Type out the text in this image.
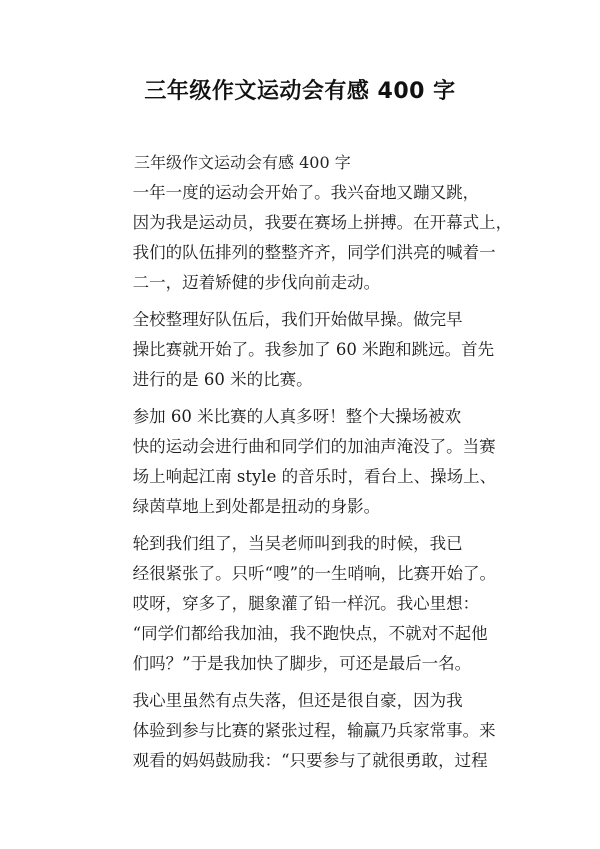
三年级作文运动会有感 400 字
三年级作文运动会有感 400 字

一年一度的运动会开始了。我兴奋地又蹦又跳，
因为我是运动员，我要在赛场上拼搏。在开幕式上，
我们的队伍排列的整整齐齐，同学们洪亮的喊着一
二一，迈着矫健的步伐向前走动。

全校整理好队伍后，我们开始做早操。做完早
操比赛就开始了。我参加了 60 米跑和跳远。首先
进行的是 60 米的比赛。

参加 60 米比赛的人真多呀！整个大操场被欢
快的运动会进行曲和同学们的加油声淹没了。当赛
场上响起江南 style 的音乐时，看台上、操场上、
绿茵草地上到处都是扭动的身影。

轮到我们组了，当吴老师叫到我的时候，我已
经很紧张了。只听“嗖”的一生哨响，比赛开始了。
哎呀，穿多了，腿象灌了铅一样沉。我心里想：
“同学们都给我加油，我不跑快点，不就对不起他
们吗？”于是我加快了脚步，可还是最后一名。

我心里虽然有点失落，但还是很自豪，因为我
体验到参与比赛的紧张过程，输赢乃兵家常事。来
观看的妈妈鼓励我：“只要参与了就很勇敢，过程
